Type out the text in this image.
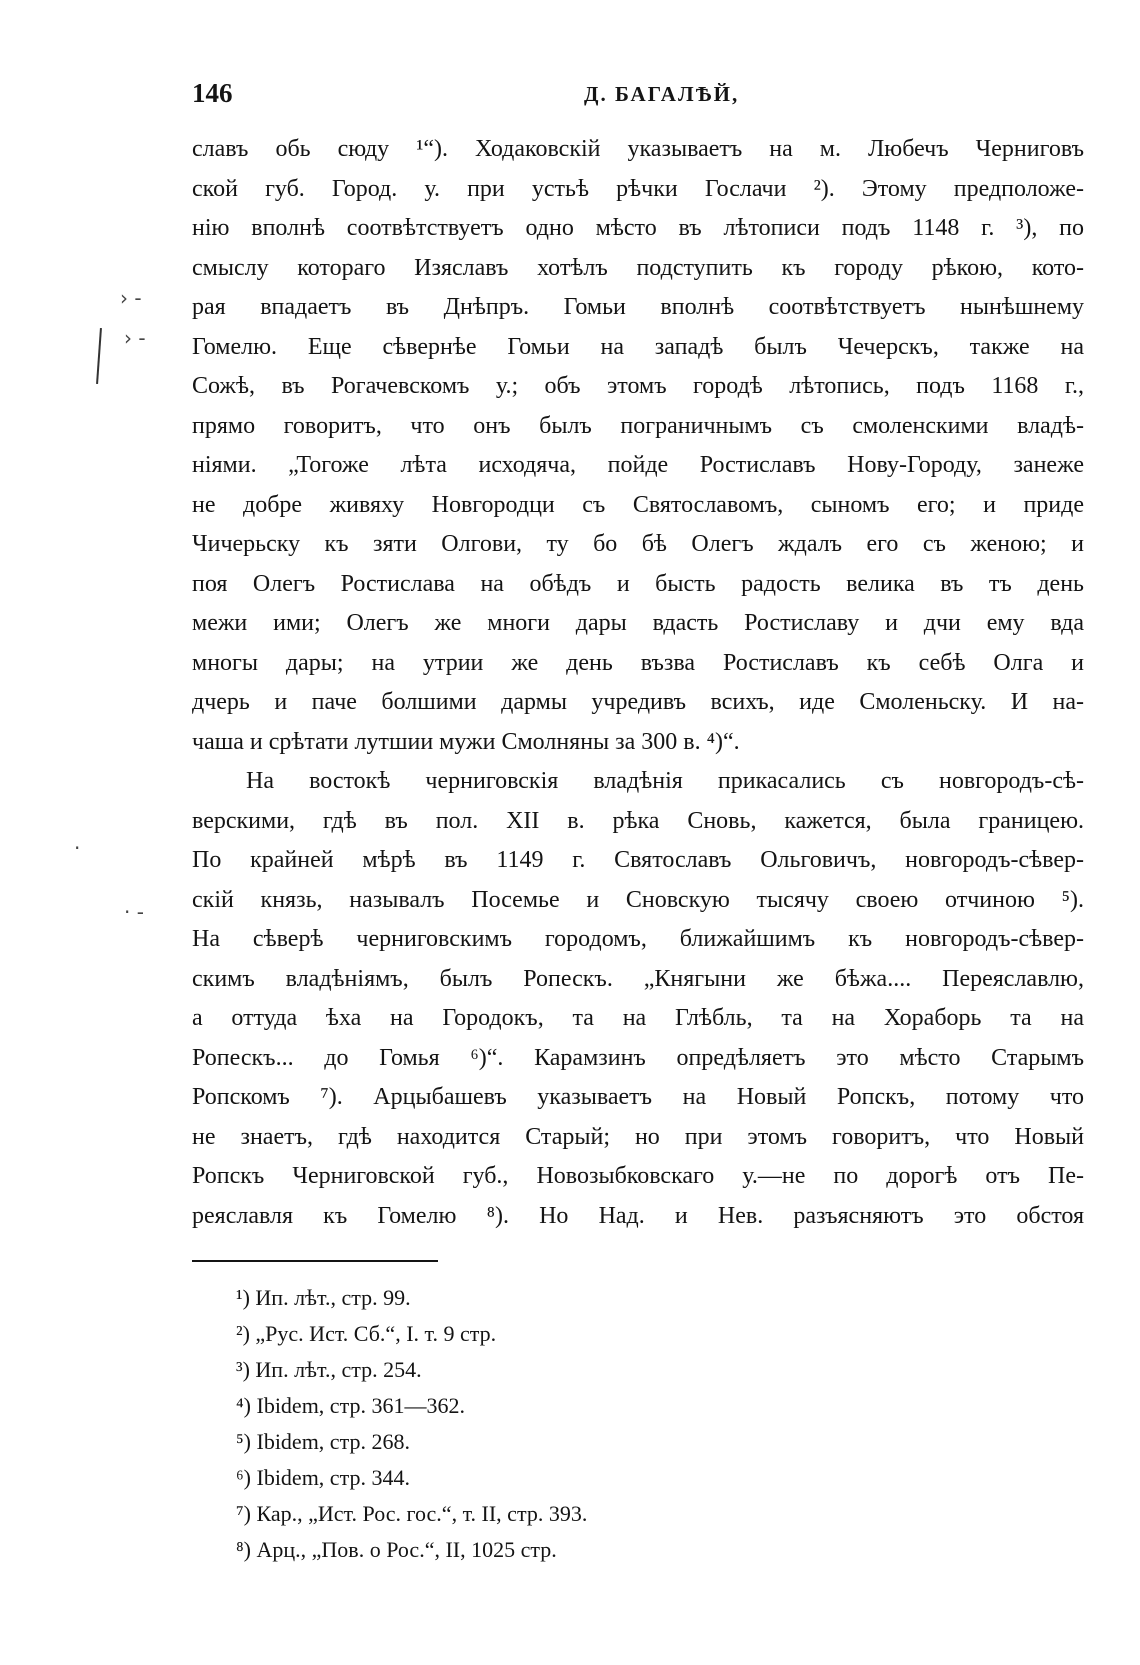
146	Д. БАГАЛѢЙ,
› -
› -
· -
·
славъ обь сюду ¹“). Ходаковскій указываетъ на м. Любечъ Черниговъ
ской губ. Город. у. при устьѣ рѣчки Гослачи ²). Этому предположе-
нію вполнѣ соотвѣтствуетъ одно мѣсто въ лѣтописи подъ 1148 г. ³), по
смыслу котораго Изяславъ хотѣлъ подступить къ городу рѣкою, кото-
рая впадаетъ въ Днѣпръ. Гомьи вполнѣ соотвѣтствуетъ нынѣшнему
Гомелю. Еще сѣвернѣе Гомьи на западѣ былъ Чечерскъ, также на
Сожѣ, въ Рогачевскомъ у.; объ этомъ городѣ лѣтопись, подъ 1168 г.,
прямо говоритъ, что онъ былъ пограничнымъ съ смоленскими владѣ-
ніями. „Тогоже лѣта исходяча, пойде Ростиславъ Нову-Городу, занеже
не добре живяху Новгородци съ Святославомъ, сыномъ его; и приде
Чичерьску къ зяти Олгови, ту бо бѣ Олегъ ждалъ его съ женою; и
поя Олегъ Ростислава на обѣдъ и бысть радость велика въ тъ день
межи ими; Олегъ же многи дары вдасть Ростиславу и дчи ему вда
многы дары; на утрии же день възва Ростиславъ къ себѣ Олга и
дчерь и паче болшими дармы учредивъ всихъ, иде Смоленьску. И на-
чаша и срѣтати лутшии мужи Смолняны за 300 в. ⁴)“.
На востокѣ черниговскія владѣнія прикасались съ новгородъ-сѣ-
верскими, гдѣ въ пол. XII в. рѣка Сновь, кажется, была границею.
По крайней мѣрѣ въ 1149 г. Святославъ Ольговичъ, новгородъ-сѣвер-
скій князь, называлъ Посемье и Сновскую тысячу своею отчиною ⁵).
На сѣверѣ черниговскимъ городомъ, ближайшимъ къ новгородъ-сѣвер-
скимъ владѣніямъ, былъ Ропескъ. „Княгыни же бѣжа.... Переяславлю,
а оттуда ѣха на Городокъ, та на Глѣбль, та на Хораборь та на
Ропескъ... до Гомья ⁶)“. Карамзинъ опредѣляетъ это мѣсто Старымъ
Ропскомъ ⁷). Арцыбашевъ указываетъ на Новый Ропскъ, потому что
не знаетъ, гдѣ находится Старый; но при этомъ говоритъ, что Новый
Ропскъ Черниговской губ., Новозыбковскаго у.—не по дорогѣ отъ Пе-
реяславля къ Гомелю ⁸). Но Над. и Нев. разъясняютъ это обстоя
¹) Ип. лѣт., стр. 99.
²) „Рус. Ист. Сб.“, I. т. 9 стр.
³) Ип. лѣт., стр. 254.
⁴) Ibidem, стр. 361—362.
⁵) Ibidem, стр. 268.
⁶) Ibidem, стр. 344.
⁷) Кар., „Ист. Рос. гос.“, т. II, стр. 393.
⁸) Арц., „Пов. о Рос.“, II, 1025 стр.
